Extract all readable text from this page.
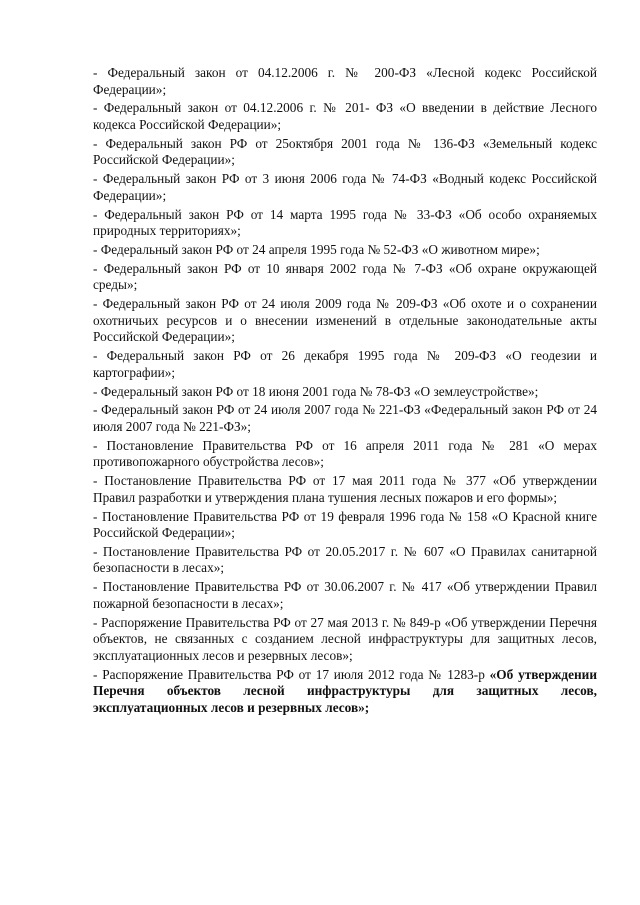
- Федеральный закон от 04.12.2006 г. № 200-ФЗ «Лесной кодекс Российской Федерации»;

- Федеральный закон от 04.12.2006 г. № 201- ФЗ «О введении в действие Лесного кодекса Российской Федерации»;

- Федеральный закон РФ от 25октября 2001 года № 136-ФЗ «Земельный кодекс Российской Федерации»;

- Федеральный закон РФ от 3 июня 2006 года № 74-ФЗ «Водный кодекс Российской Федерации»;

- Федеральный закон РФ от 14 марта 1995 года № 33-ФЗ «Об особо охраняемых природных территориях»;

- Федеральный закон РФ от 24 апреля 1995 года № 52-ФЗ «О животном мире»;

- Федеральный закон РФ от 10 января 2002 года № 7-ФЗ «Об охране окружающей среды»;

- Федеральный закон РФ от 24 июля 2009 года № 209-ФЗ «Об охоте и о сохранении охотничьих ресурсов и о внесении изменений в отдельные законодательные акты Российской Федерации»;

- Федеральный закон РФ от 26 декабря 1995 года № 209-ФЗ «О геодезии и картографии»;

- Федеральный закон РФ от 18 июня 2001 года № 78-ФЗ «О землеустройстве»;

- Федеральный закон РФ от 24 июля 2007 года № 221-ФЗ «Федеральный закон РФ от 24 июля 2007 года № 221-ФЗ»;

- Постановление Правительства РФ от 16 апреля 2011 года № 281 «О мерах противопожарного обустройства лесов»;

- Постановление Правительства РФ от 17 мая 2011 года № 377 «Об утверждении Правил разработки и утверждения плана тушения лесных пожаров и его формы»;

- Постановление Правительства РФ от 19 февраля 1996 года № 158 «О Красной книге Российской Федерации»;

- Постановление Правительства РФ от 20.05.2017 г. № 607 «О Правилах санитарной безопасности в лесах»;

- Постановление Правительства РФ от 30.06.2007 г. № 417 «Об утверждении Правил пожарной безопасности в лесах»;

- Распоряжение Правительства РФ от 27 мая 2013 г. № 849-р «Об утверждении Перечня объектов, не связанных с созданием лесной инфраструктуры для защитных лесов, эксплуатационных лесов и резервных лесов»;

- Распоряжение Правительства РФ от 17 июля 2012 года № 1283-р «Об утверждении Перечня объектов лесной инфраструктуры для защитных лесов, эксплуатационных лесов и резервных лесов»;
